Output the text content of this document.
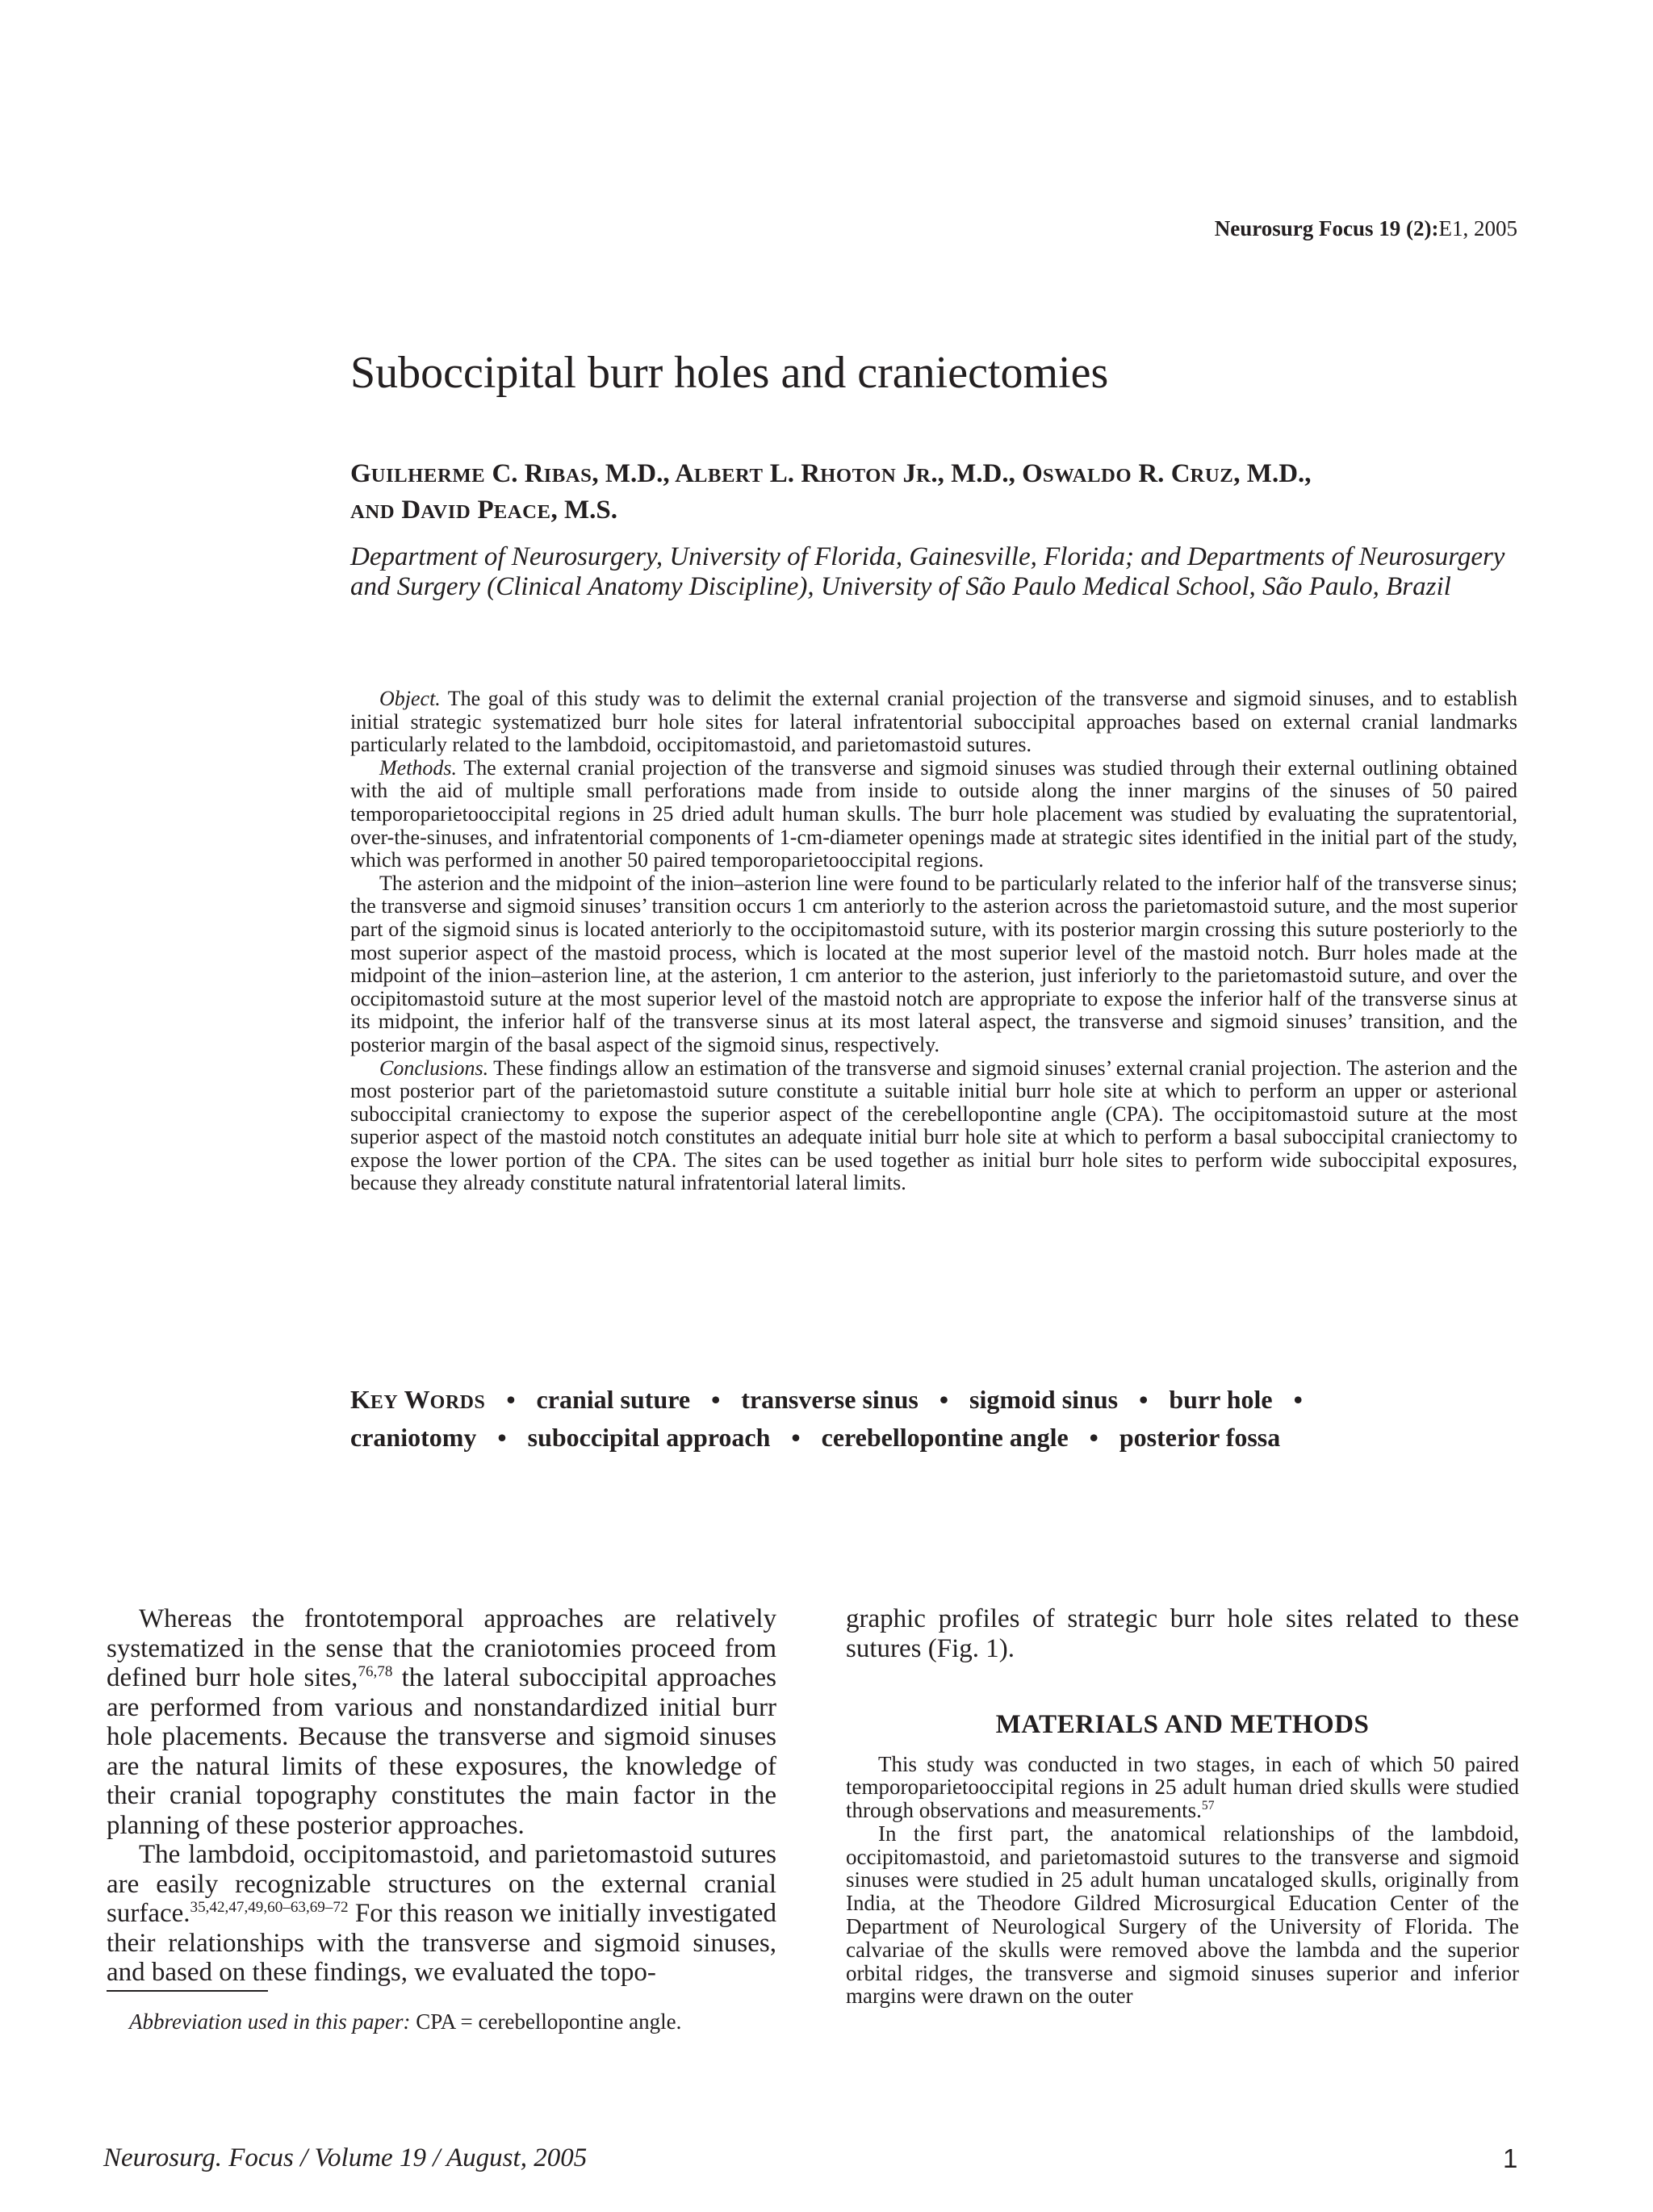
Neurosurg Focus 19 (2):E1, 2005
Suboccipital burr holes and craniectomies

GUILHERME C. RIBAS, M.D., ALBERT L. RHOTON JR., M.D., OSWALDO R. CRUZ, M.D.,
AND DAVID PEACE, M.S.

Department of Neurosurgery, University of Florida, Gainesville, Florida; and Departments of Neurosurgery and Surgery (Clinical Anatomy Discipline), University of São Paulo Medical School, São Paulo, Brazil

Object. The goal of this study was to delimit the external cranial projection of the transverse and sigmoid sinuses, and to establish initial strategic systematized burr hole sites for lateral infratentorial suboccipital approaches based on external cranial landmarks particularly related to the lambdoid, occipitomastoid, and parietomastoid sutures.

Methods. The external cranial projection of the transverse and sigmoid sinuses was studied through their external outlining obtained with the aid of multiple small perforations made from inside to outside along the inner margins of the sinuses of 50 paired temporoparietooccipital regions in 25 dried adult human skulls. The burr hole placement was studied by evaluating the supratentorial, over-the-sinuses, and infratentorial components of 1-cm-diameter openings made at strategic sites identified in the initial part of the study, which was performed in another 50 paired temporoparietooccipital regions.

The asterion and the midpoint of the inion–asterion line were found to be particularly related to the inferior half of the transverse sinus; the transverse and sigmoid sinuses’ transition occurs 1 cm anteriorly to the asterion across the parietomastoid suture, and the most superior part of the sigmoid sinus is located anteriorly to the occipitomastoid suture, with its posterior margin crossing this suture posteriorly to the most superior aspect of the mastoid process, which is located at the most superior level of the mastoid notch. Burr holes made at the midpoint of the inion–asterion line, at the asterion, 1 cm anterior to the asterion, just inferiorly to the parietomastoid suture, and over the occipitomastoid suture at the most superior level of the mastoid notch are appropriate to expose the inferior half of the transverse sinus at its midpoint, the inferior half of the transverse sinus at its most lateral aspect, the transverse and sigmoid sinuses’ transition, and the posterior margin of the basal aspect of the sigmoid sinus, respectively.

Conclusions. These findings allow an estimation of the transverse and sigmoid sinuses’ external cranial projection. The asterion and the most posterior part of the parietomastoid suture constitute a suitable initial burr hole site at which to perform an upper or asterional suboccipital craniectomy to expose the superior aspect of the cerebellopontine angle (CPA). The occipitomastoid suture at the most superior aspect of the mastoid notch constitutes an adequate initial burr hole site at which to perform a basal suboccipital craniectomy to expose the lower portion of the CPA. The sites can be used together as initial burr hole sites to perform wide suboccipital exposures, because they already constitute natural infratentorial lateral limits.

KEY WORDS • cranial suture • transverse sinus • sigmoid sinus • burr hole •
craniotomy • suboccipital approach • cerebellopontine angle • posterior fossa

Whereas the frontotemporal approaches are relatively systematized in the sense that the craniotomies proceed from defined burr hole sites,$^{76,78}$ the lateral suboccipital approaches are performed from various and nonstandardized initial burr hole placements. Because the transverse and sigmoid sinuses are the natural limits of these exposures, the knowledge of their cranial topography constitutes the main factor in the planning of these posterior approaches.

The lambdoid, occipitomastoid, and parietomastoid sutures are easily recognizable structures on the external cranial surface.$^{35,42,47,49,60-63,69-72}$ For this reason we initially investigated their relationships with the transverse and sigmoid sinuses, and based on these findings, we evaluated the topo-

graphic profiles of strategic burr hole sites related to these sutures (Fig. 1).

MATERIALS AND METHODS

This study was conducted in two stages, in each of which 50 paired temporoparietooccipital regions in 25 adult human dried skulls were studied through observations and measurements.$^{57}$

In the first part, the anatomical relationships of the lambdoid, occipitomastoid, and parietomastoid sutures to the transverse and sigmoid sinuses were studied in 25 adult human uncataloged skulls, originally from India, at the Theodore Gildred Microsurgical Education Center of the Department of Neurological Surgery of the University of Florida. The calvariae of the skulls were removed above the lambda and the superior orbital ridges, the transverse and sigmoid sinuses superior and inferior margins were drawn on the outer

Abbreviation used in this paper: CPA = cerebellopontine angle.
Neurosurg. Focus / Volume 19 / August, 2005	1
